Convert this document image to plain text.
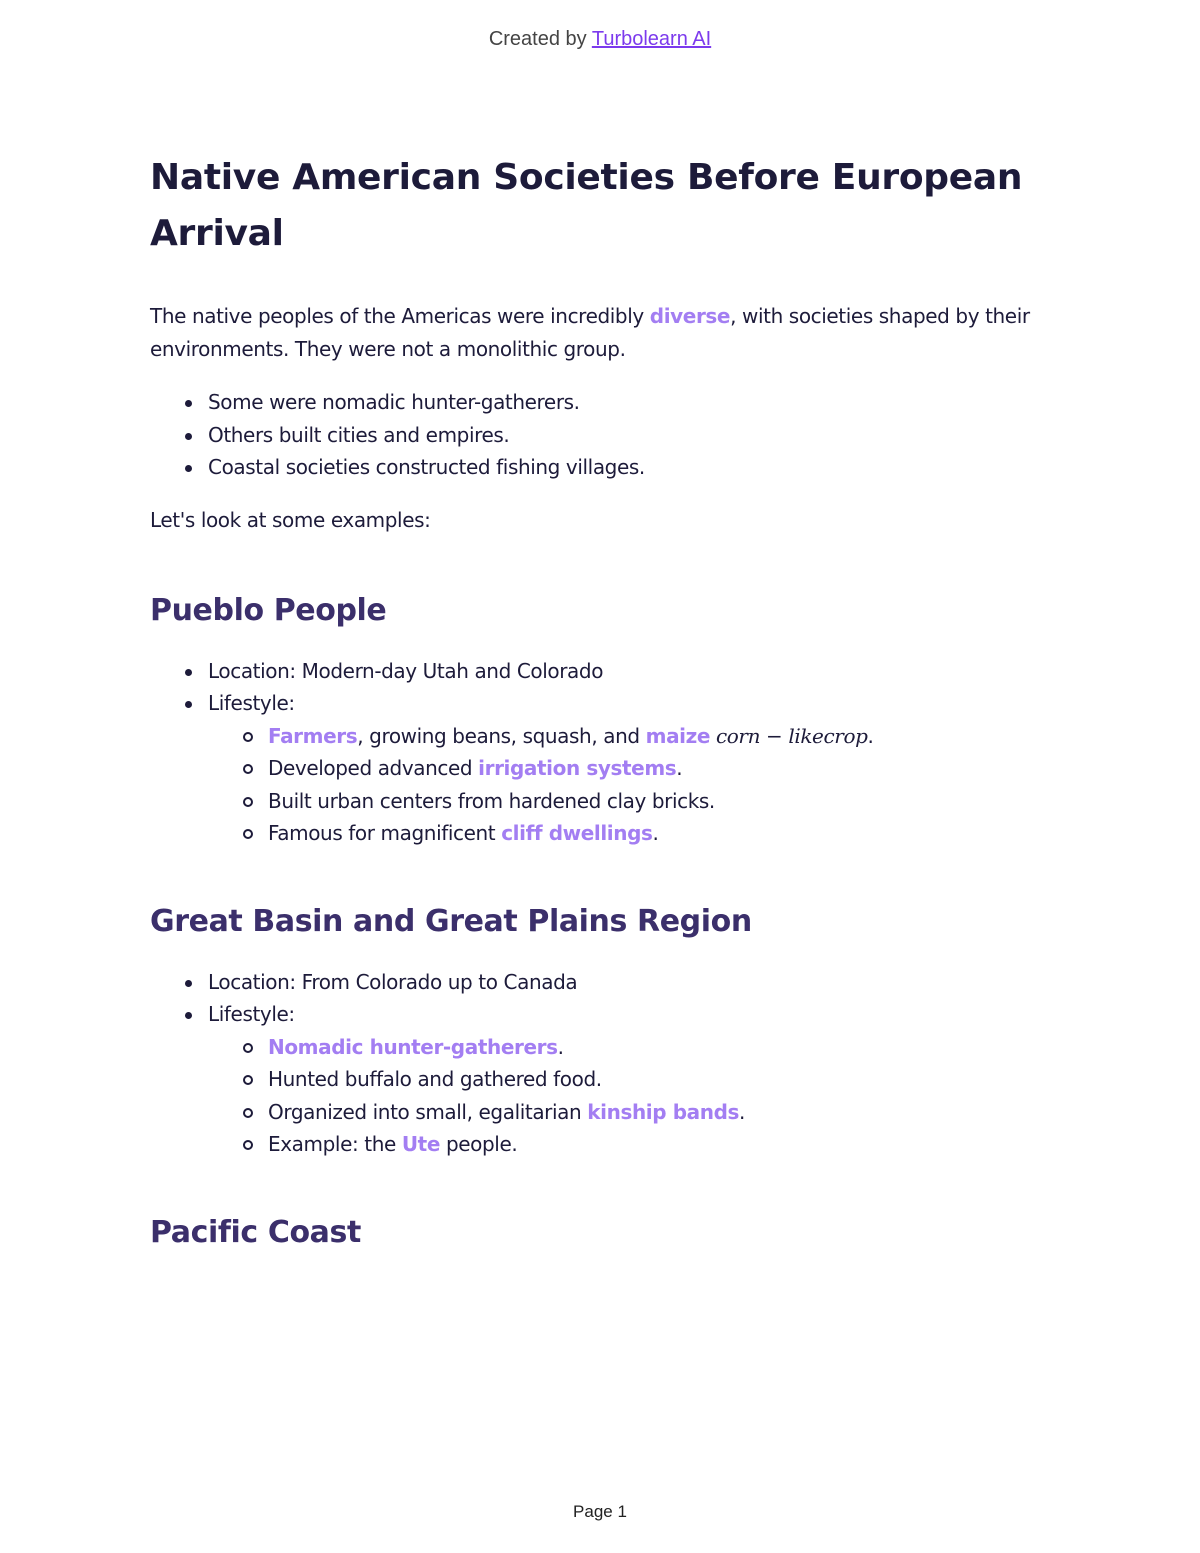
Created by Turbolearn AI
Native American Societies Before European Arrival

The native peoples of the Americas were incredibly diverse, with societies shaped by their environments. They were not a monolithic group.

Some were nomadic hunter-gatherers.
Others built cities and empires.
Coastal societies constructed fishing villages.

Let's look at some examples:

Pueblo People
Location: Modern-day Utah and Colorado
Lifestyle:
Farmers, growing beans, squash, and maize corn − likecrop.
Developed advanced irrigation systems.
Built urban centers from hardened clay bricks.
Famous for magnificent cliff dwellings.
Great Basin and Great Plains Region
Location: From Colorado up to Canada
Lifestyle:
Nomadic hunter-gatherers.
Hunted buffalo and gathered food.
Organized into small, egalitarian kinship bands.
Example: the Ute people.
Pacific Coast
Page 1
